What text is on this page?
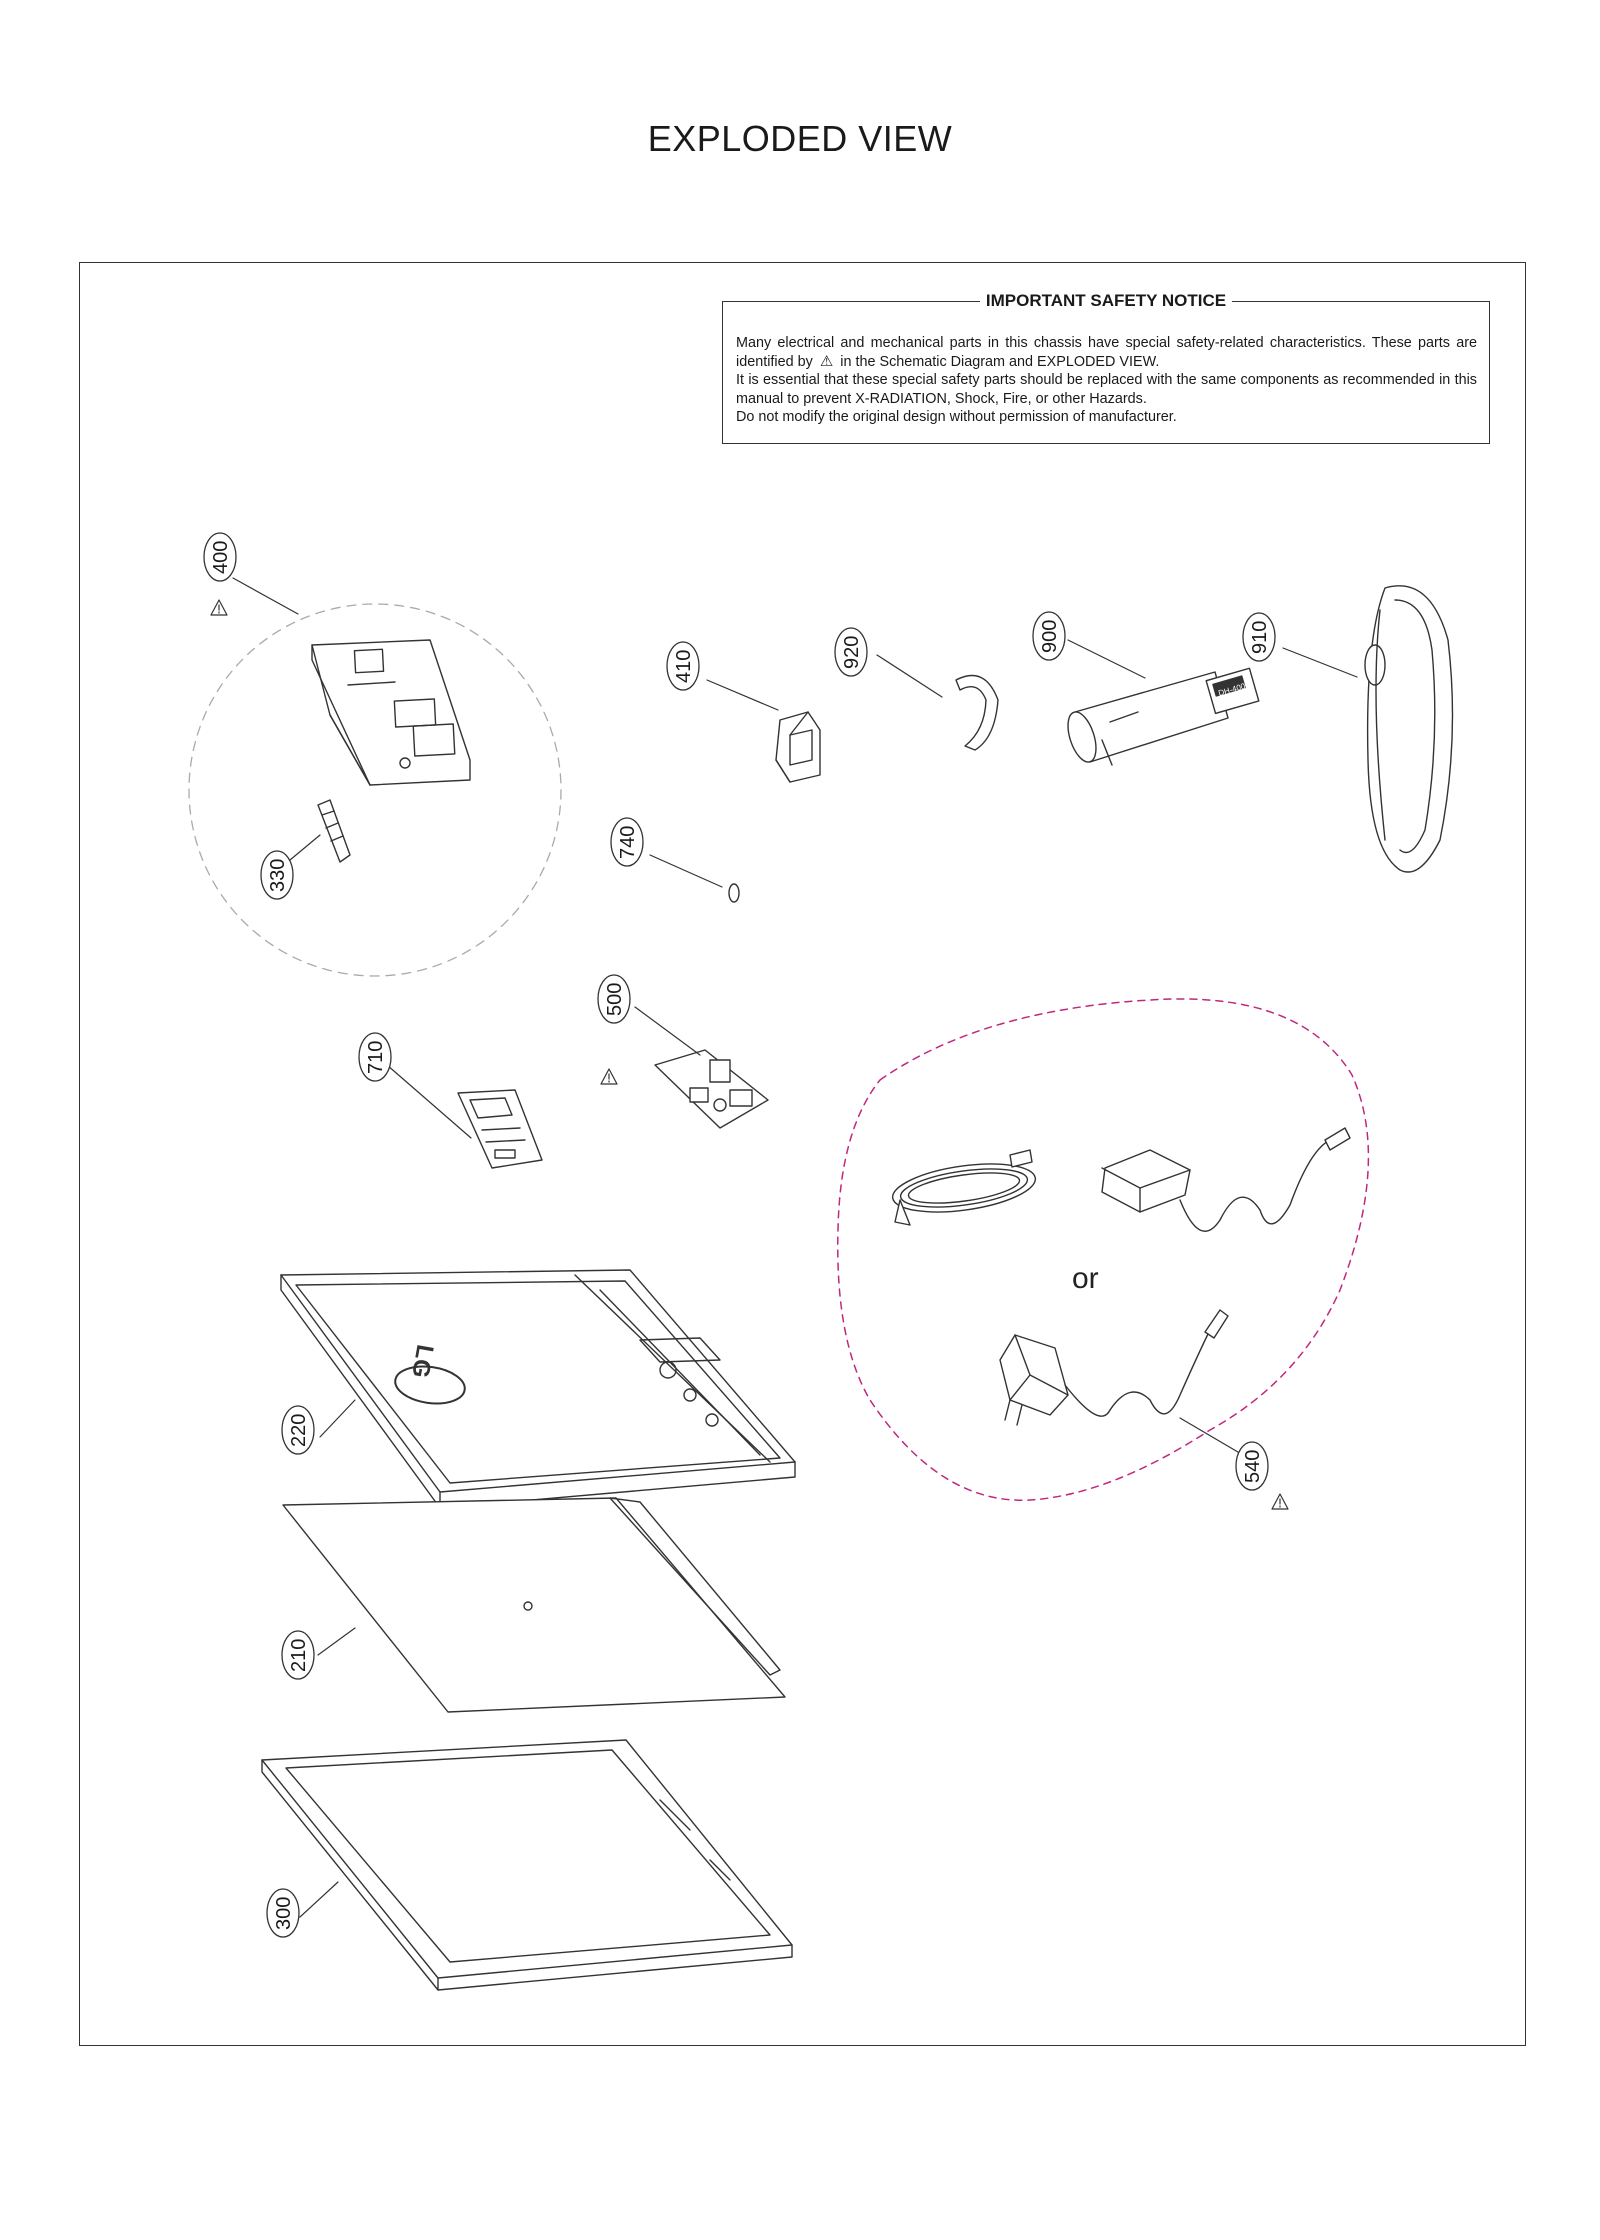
EXPLODED VIEW
IMPORTANT SAFETY NOTICE

Many electrical and mechanical parts in this chassis have special safety-related characteristics. These parts are identified by ⚠ in the Schematic Diagram and EXPLODED VIEW.

It is essential that these special safety parts should be replaced with the same components as recommended in this manual to prevent X-RADIATION, Shock, Fire, or other Hazards.

Do not modify the original design without permission of manufacturer.

DH-400R
or
LG
400
330
410	920	900	910
740
500
710
220
210
300
540
